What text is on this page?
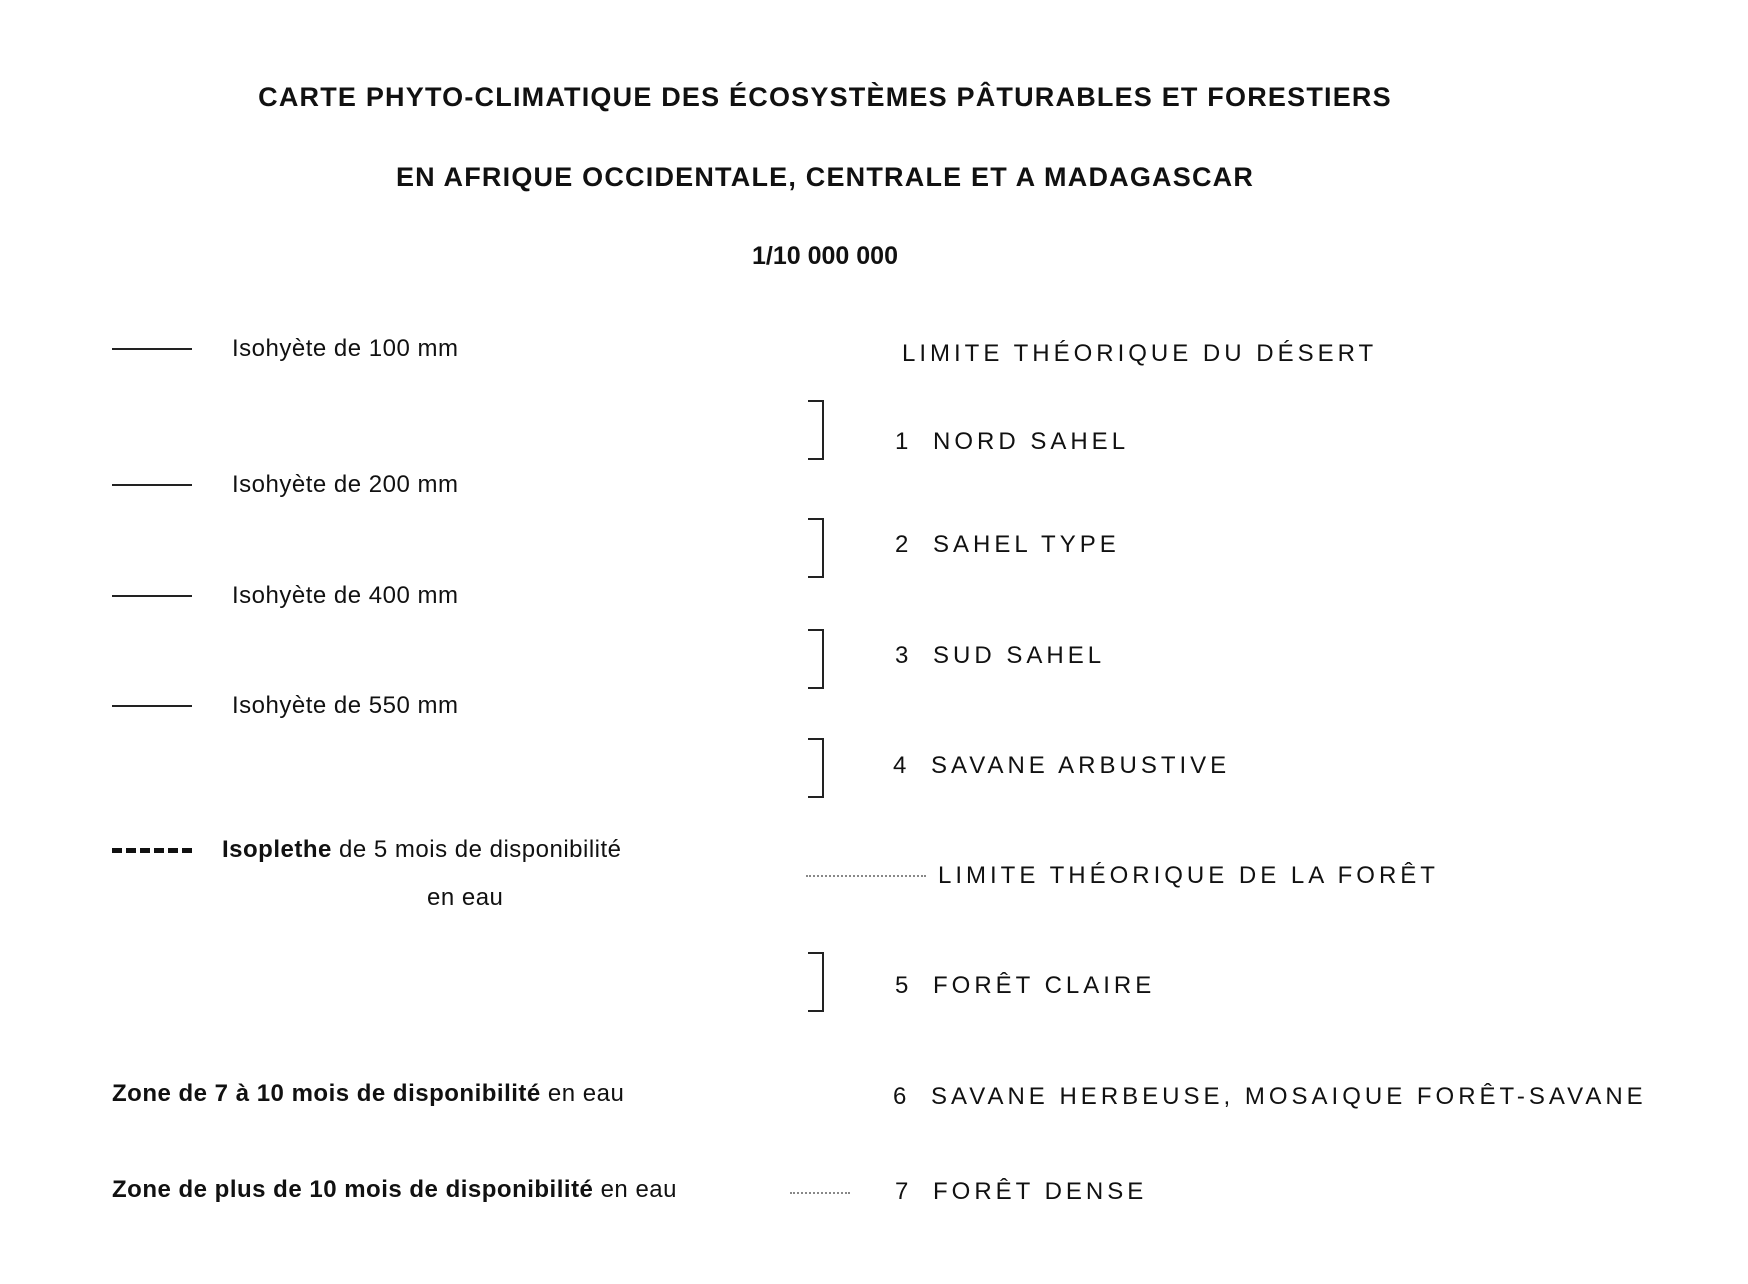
CARTE PHYTO-CLIMATIQUE DES ÉCOSYSTÈMES PÂTURABLES ET FORESTIERS
EN AFRIQUE OCCIDENTALE, CENTRALE ET A MADAGASCAR
1/10 000 000
Isohyète de 100 mm
Isohyète de 200 mm
Isohyète de 400 mm
Isohyète de 550 mm
Isoplethe de 5 mois de disponibilité
en eau
LIMITE THÉORIQUE DU DÉSERT
1 NORD SAHEL
2 SAHEL TYPE
3 SUD SAHEL
4 SAVANE ARBUSTIVE
LIMITE THÉORIQUE DE LA FORÊT
5 FORÊT CLAIRE
6 SAVANE HERBEUSE, MOSAIQUE FORÊT-SAVANE
7 FORÊT DENSE
Zone de 7 à 10 mois de disponibilité en eau
Zone de plus de 10 mois de disponibilité en eau
